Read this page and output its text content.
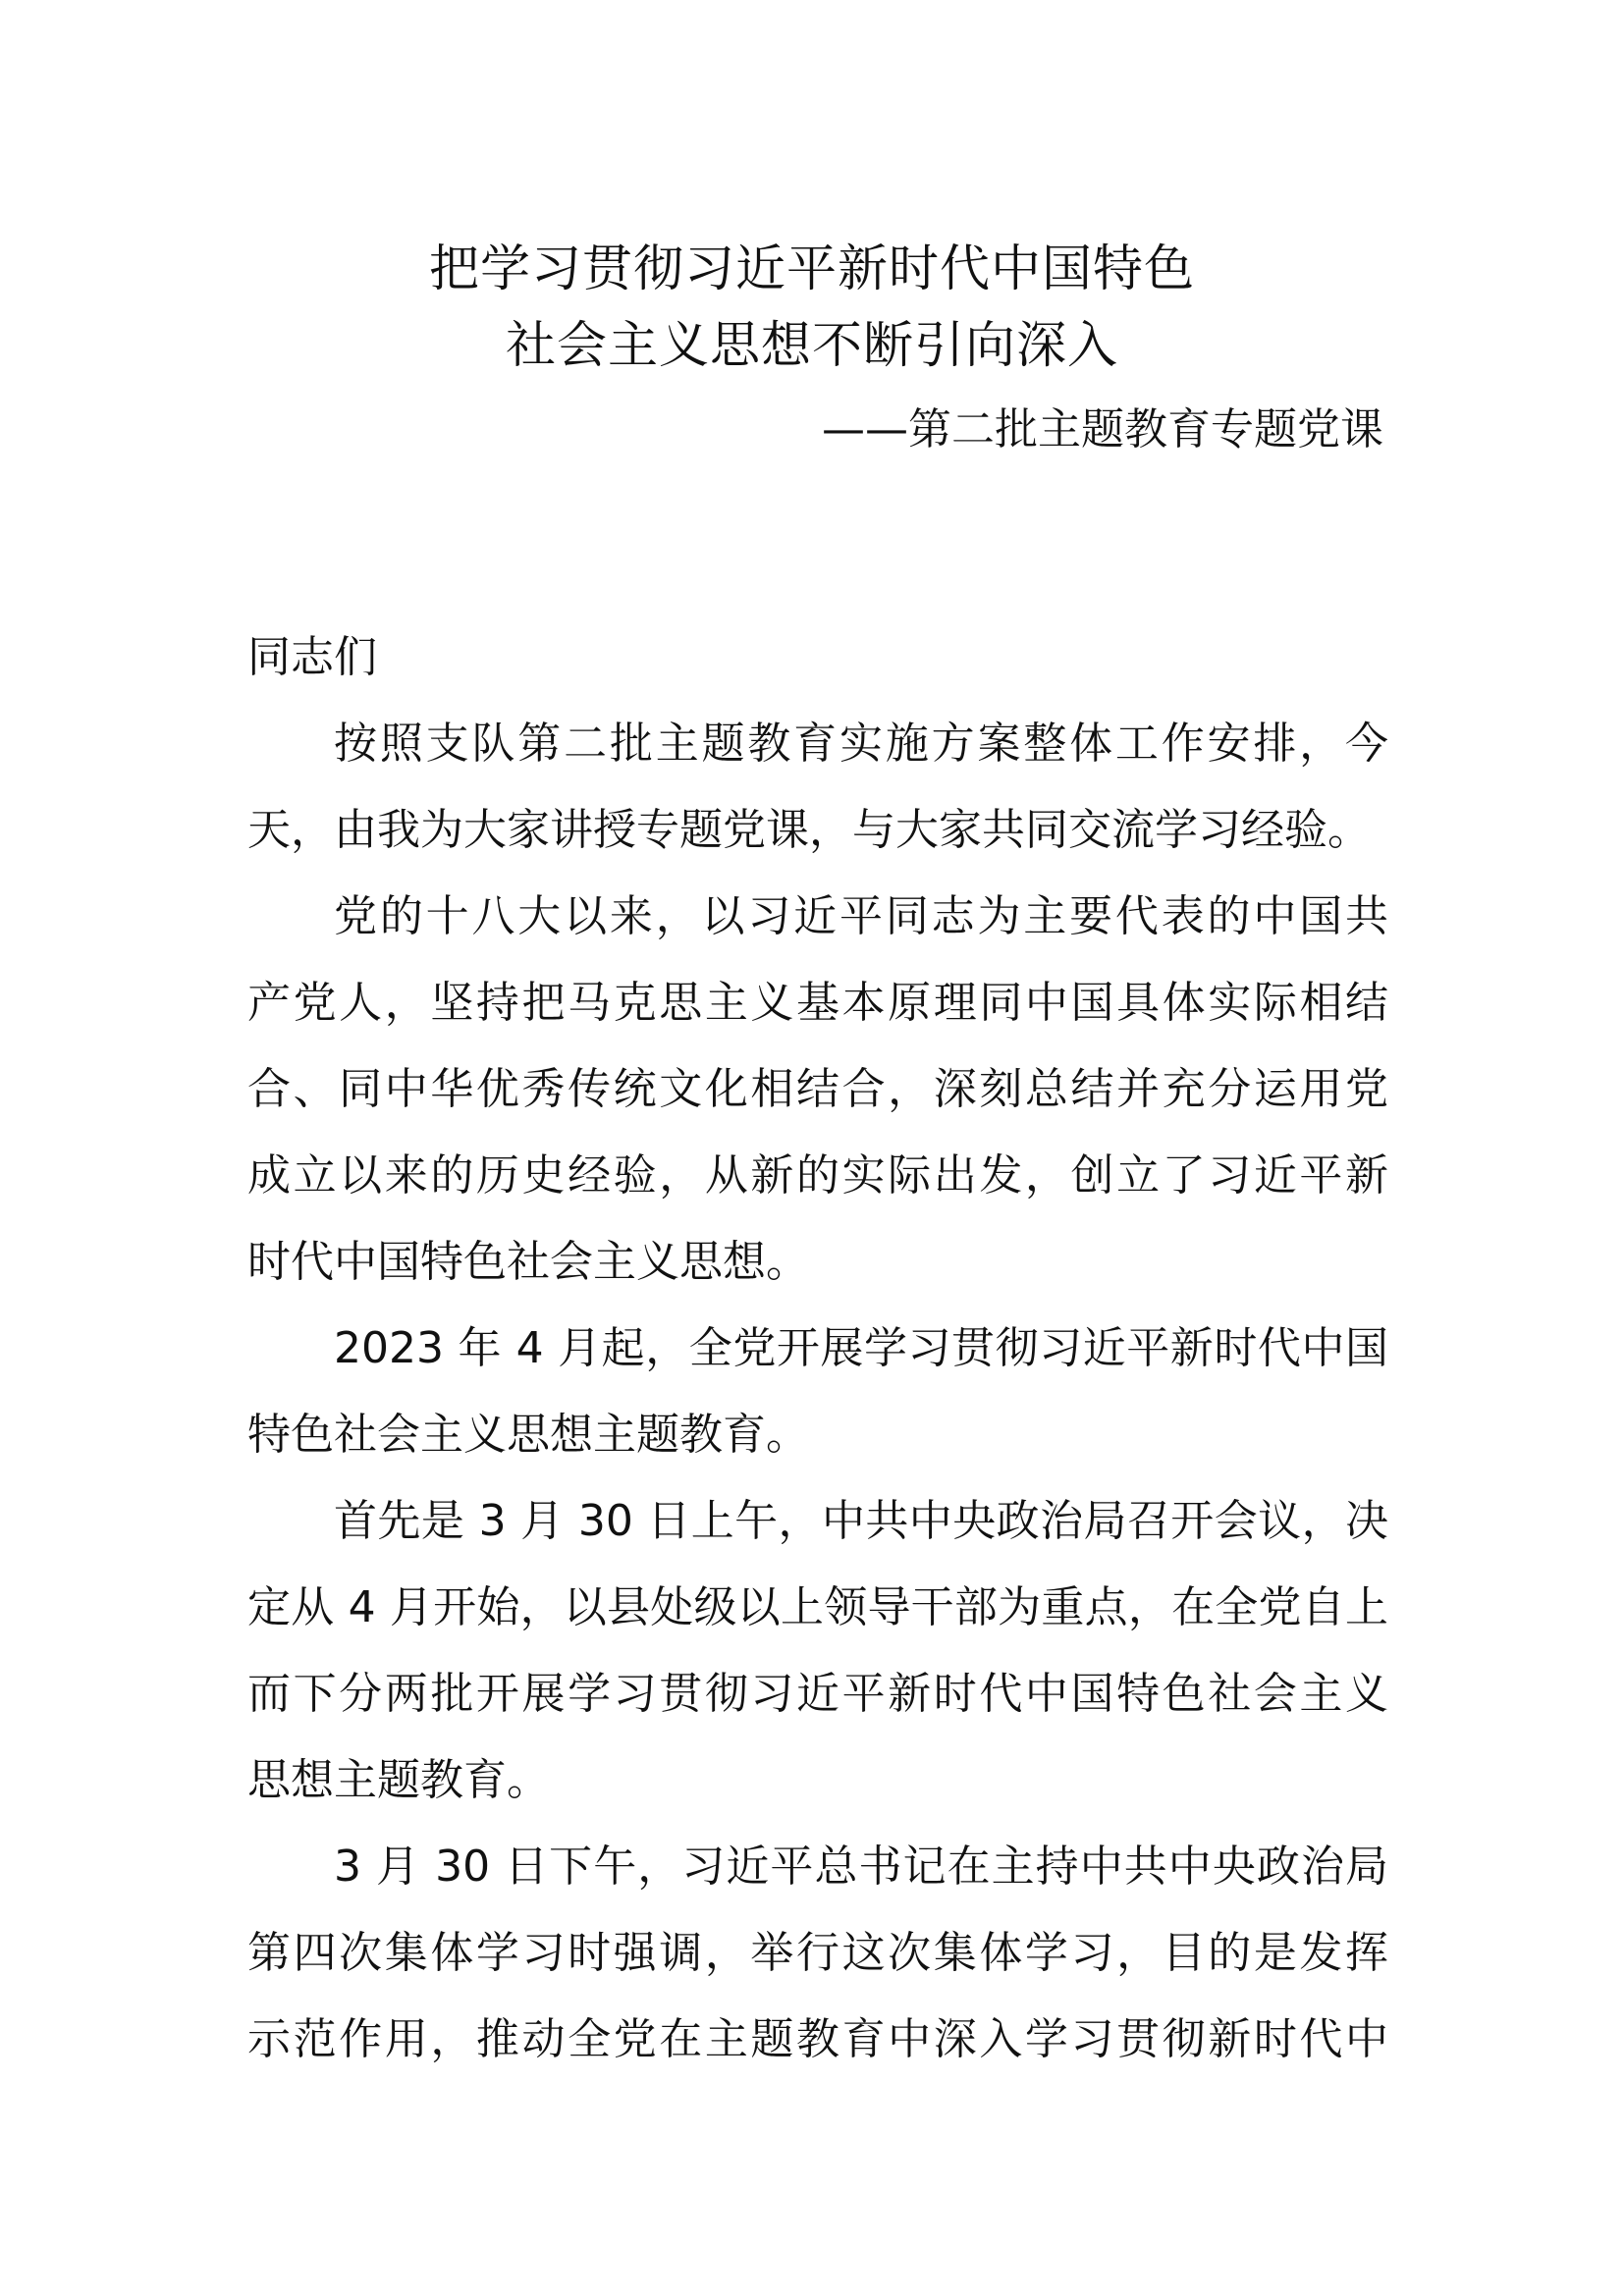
把学习贯彻习近平新时代中国特色
社会主义思想不断引向深入

——第二批主题教育专题党课

同志们

按照支队第二批主题教育实施方案整体工作安排，今
天，由我为大家讲授专题党课，与大家共同交流学习经验。
党的十八大以来，以习近平同志为主要代表的中国共
产党人，坚持把马克思主义基本原理同中国具体实际相结
合、同中华优秀传统文化相结合，深刻总结并充分运用党
成立以来的历史经验，从新的实际出发，创立了习近平新
时代中国特色社会主义思想。
2023 年 4 月起，全党开展学习贯彻习近平新时代中国
特色社会主义思想主题教育。
首先是 3 月 30 日上午，中共中央政治局召开会议，决
定从 4 月开始，以县处级以上领导干部为重点，在全党自上
而下分两批开展学习贯彻习近平新时代中国特色社会主义
思想主题教育。
3 月 30 日下午，习近平总书记在主持中共中央政治局
第四次集体学习时强调，举行这次集体学习，目的是发挥
示范作用，推动全党在主题教育中深入学习贯彻新时代中
